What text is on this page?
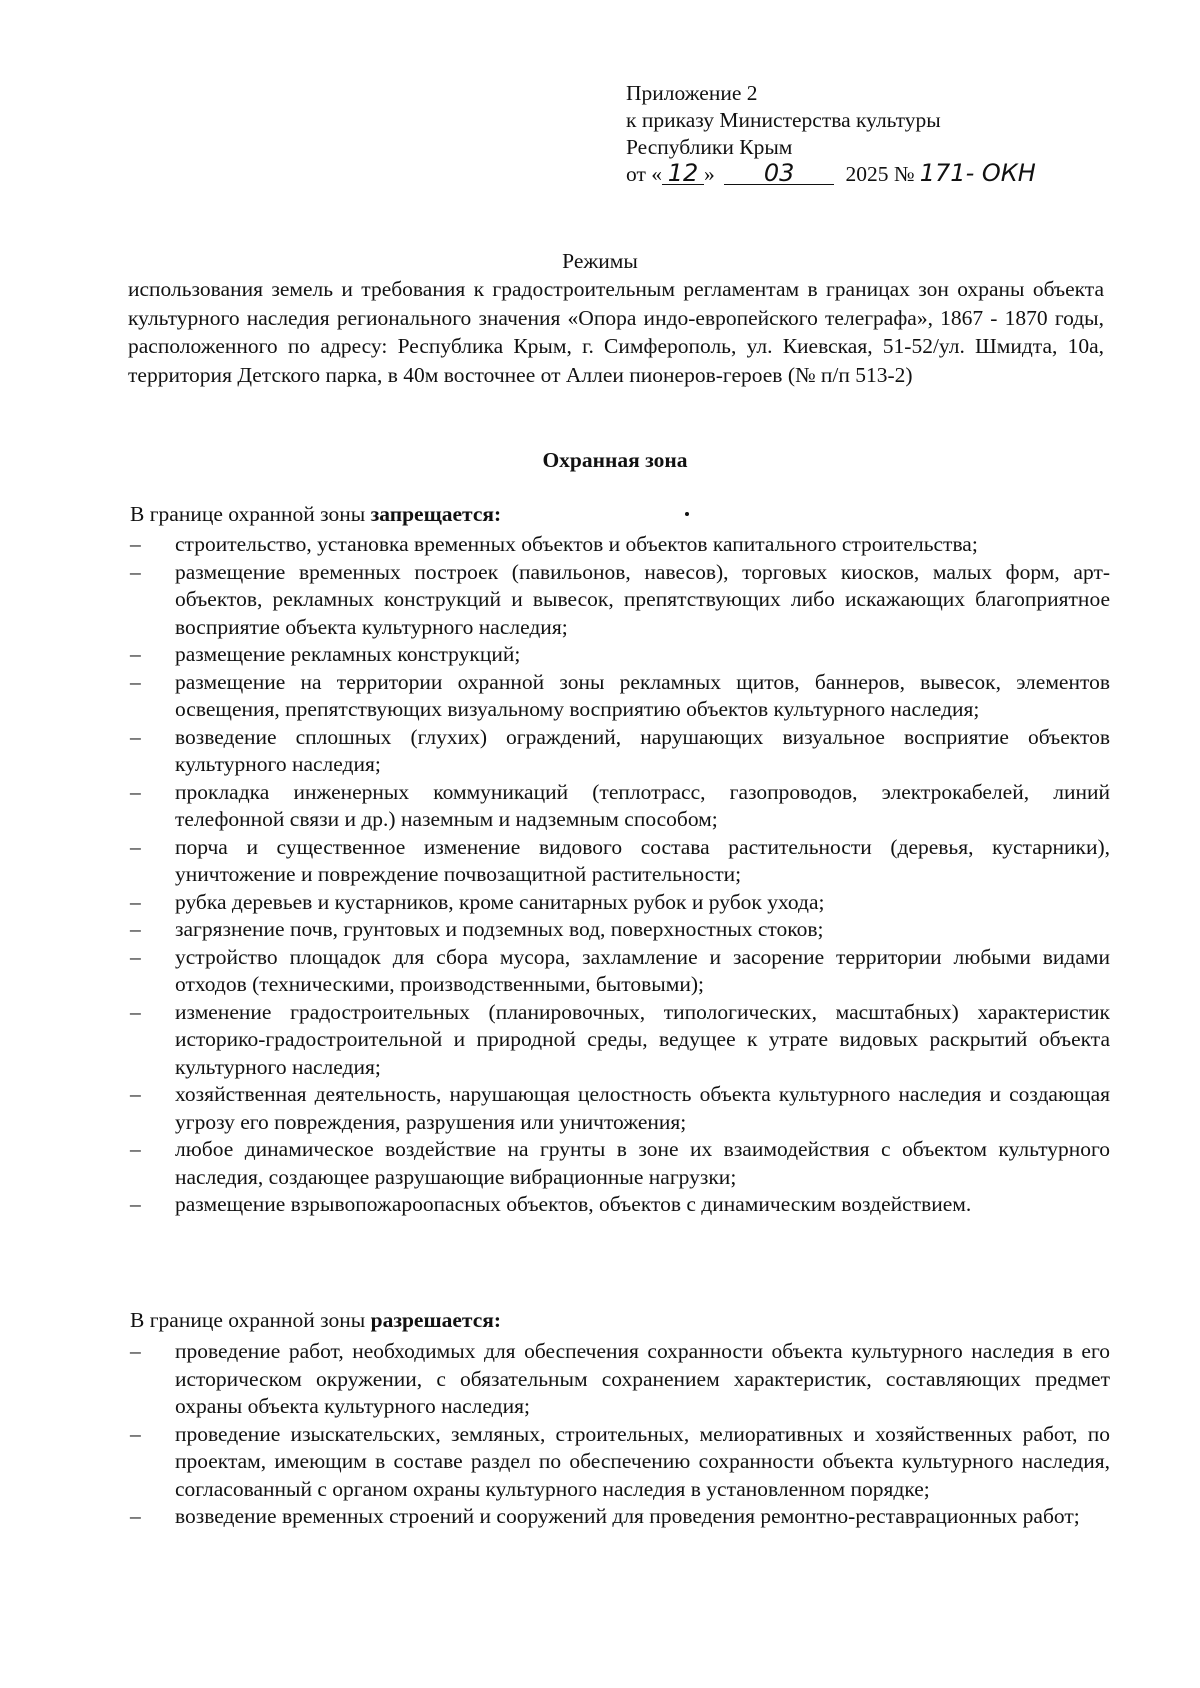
Приложение 2
к приказу Министерства культуры
Республики Крым
от « 12 » 03 2025 № 171- ОКН
Режимы
использования земель и требования к градостроительным регламентам в границах зон охраны объекта культурного наследия регионального значения «Опора индо-европейского телеграфа», 1867 - 1870 годы, расположенного по адресу: Республика Крым, г. Симферополь, ул. Киевская, 51-52/ул. Шмидта, 10а, территория Детского парка, в 40м восточнее от Аллеи пионеров-героев (№ п/п 513-2)
Охранная зона
В границе охранной зоны запрещается:
– строительство, установка временных объектов и объектов капитального строительства;
– размещение временных построек (павильонов, навесов), торговых киосков, малых форм, арт-объектов, рекламных конструкций и вывесок, препятствующих либо искажающих благоприятное восприятие объекта культурного наследия;
– размещение рекламных конструкций;
– размещение на территории охранной зоны рекламных щитов, баннеров, вывесок, элементов освещения, препятствующих визуальному восприятию объектов культурного наследия;
– возведение сплошных (глухих) ограждений, нарушающих визуальное восприятие объектов культурного наследия;
– прокладка инженерных коммуникаций (теплотрасс, газопроводов, электрокабелей, линий телефонной связи и др.) наземным и надземным способом;
– порча и существенное изменение видового состава растительности (деревья, кустарники), уничтожение и повреждение почвозащитной растительности;
– рубка деревьев и кустарников, кроме санитарных рубок и рубок ухода;
– загрязнение почв, грунтовых и подземных вод, поверхностных стоков;
– устройство площадок для сбора мусора, захламление и засорение территории любыми видами отходов (техническими, производственными, бытовыми);
– изменение градостроительных (планировочных, типологических, масштабных) характеристик историко-градостроительной и природной среды, ведущее к утрате видовых раскрытий объекта культурного наследия;
– хозяйственная деятельность, нарушающая целостность объекта культурного наследия и создающая угрозу его повреждения, разрушения или уничтожения;
– любое динамическое воздействие на грунты в зоне их взаимодействия с объектом культурного наследия, создающее разрушающие вибрационные нагрузки;
– размещение взрывопожароопасных объектов, объектов с динамическим воздействием.
В границе охранной зоны разрешается:
– проведение работ, необходимых для обеспечения сохранности объекта культурного наследия в его историческом окружении, с обязательным сохранением характеристик, составляющих предмет охраны объекта культурного наследия;
– проведение изыскательских, земляных, строительных, мелиоративных и хозяйственных работ, по проектам, имеющим в составе раздел по обеспечению сохранности объекта культурного наследия, согласованный с органом охраны культурного наследия в установленном порядке;
– возведение временных строений и сооружений для проведения ремонтно-реставрационных работ;
